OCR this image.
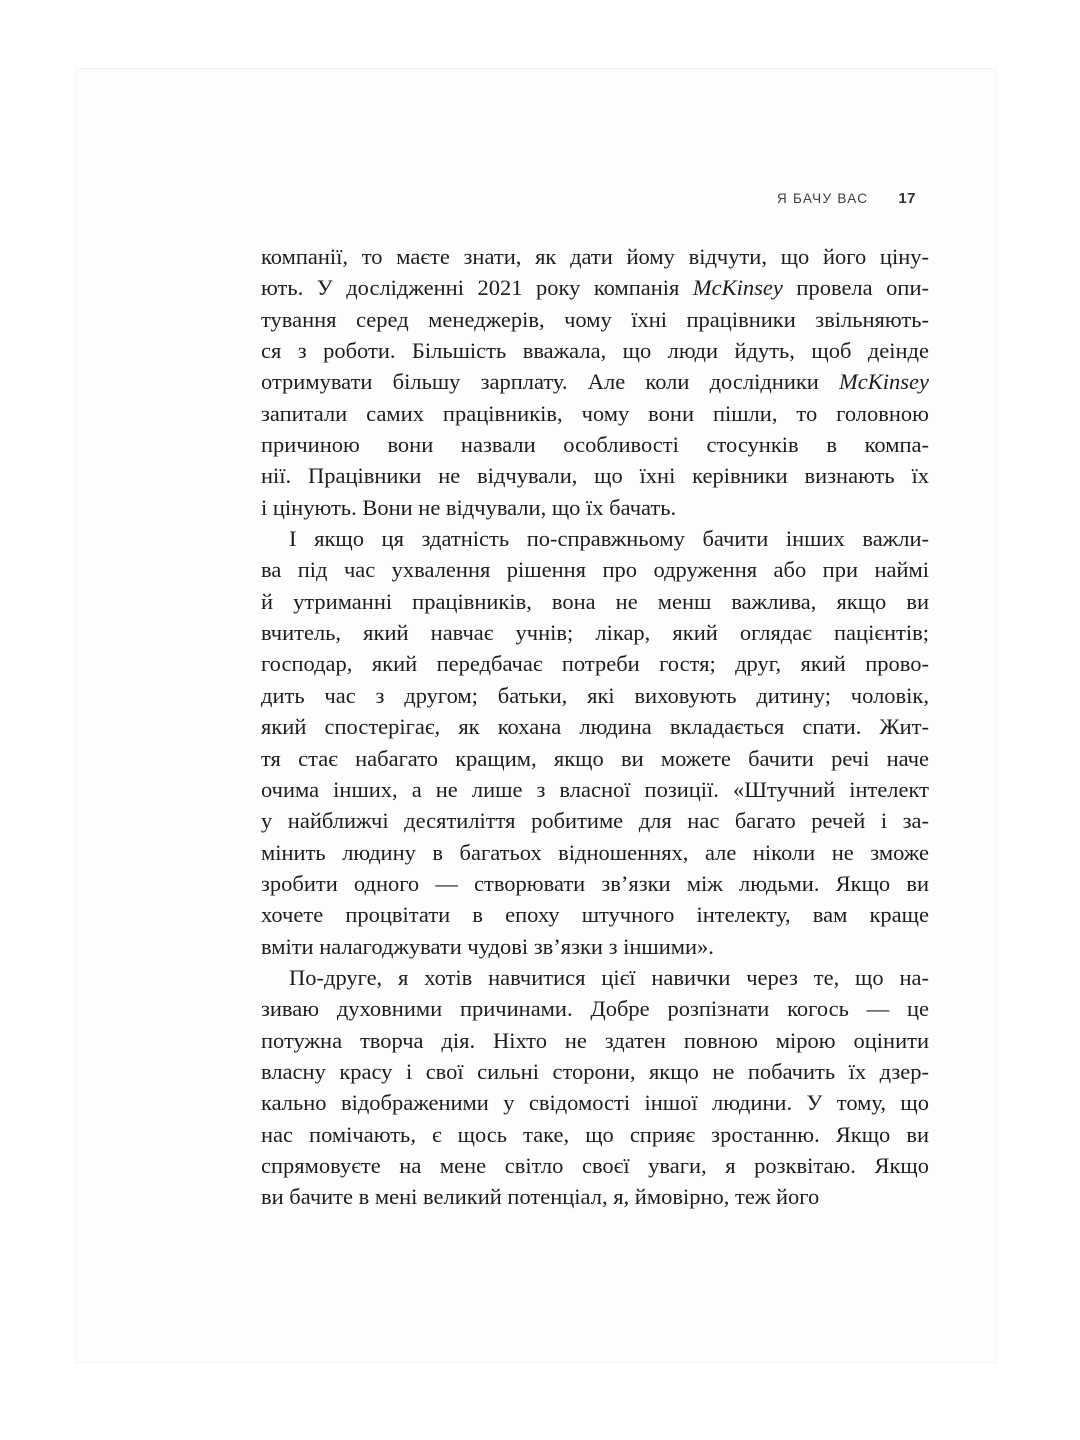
Я БАЧУ ВАС 17
компанії, то маєте знати, як дати йому відчути, що його ціну-
ють. У дослідженні 2021 року компанія McKinsey провела опи-
тування серед менеджерів, чому їхні працівники звільняють-
ся з роботи. Більшість вважала, що люди йдуть, щоб деінде
отримувати більшу зарплату. Але коли дослідники McKinsey
запитали самих працівників, чому вони пішли, то головною
причиною вони назвали особливості стосунків в компа-
нії. Працівники не відчували, що їхні керівники визнають їх
і цінують. Вони не відчували, що їх бачать.
І якщо ця здатність по-справжньому бачити інших важли-
ва під час ухвалення рішення про одруження або при наймі
й утриманні працівників, вона не менш важлива, якщо ви
вчитель, який навчає учнів; лікар, який оглядає пацієнтів;
господар, який передбачає потреби гостя; друг, який прово-
дить час з другом; батьки, які виховують дитину; чоловік,
який спостерігає, як кохана людина вкладається спати. Жит-
тя стає набагато кращим, якщо ви можете бачити речі наче
очима інших, а не лише з власної позиції. «Штучний інтелект
у найближчі десятиліття робитиме для нас багато речей і за-
мінить людину в багатьох відношеннях, але ніколи не зможе
зробити одного — створювати зв’язки між людьми. Якщо ви
хочете процвітати в епоху штучного інтелекту, вам краще
вміти налагоджувати чудові зв’язки з іншими».
По-друге, я хотів навчитися цієї навички через те, що на-
зиваю духовними причинами. Добре розпізнати когось — це
потужна творча дія. Ніхто не здатен повною мірою оцінити
власну красу і свої сильні сторони, якщо не побачить їх дзер-
кально відображеними у свідомості іншої людини. У тому, що
нас помічають, є щось таке, що сприяє зростанню. Якщо ви
спрямовуєте на мене світло своєї уваги, я розквітаю. Якщо
ви бачите в мені великий потенціал, я, ймовірно, теж його
